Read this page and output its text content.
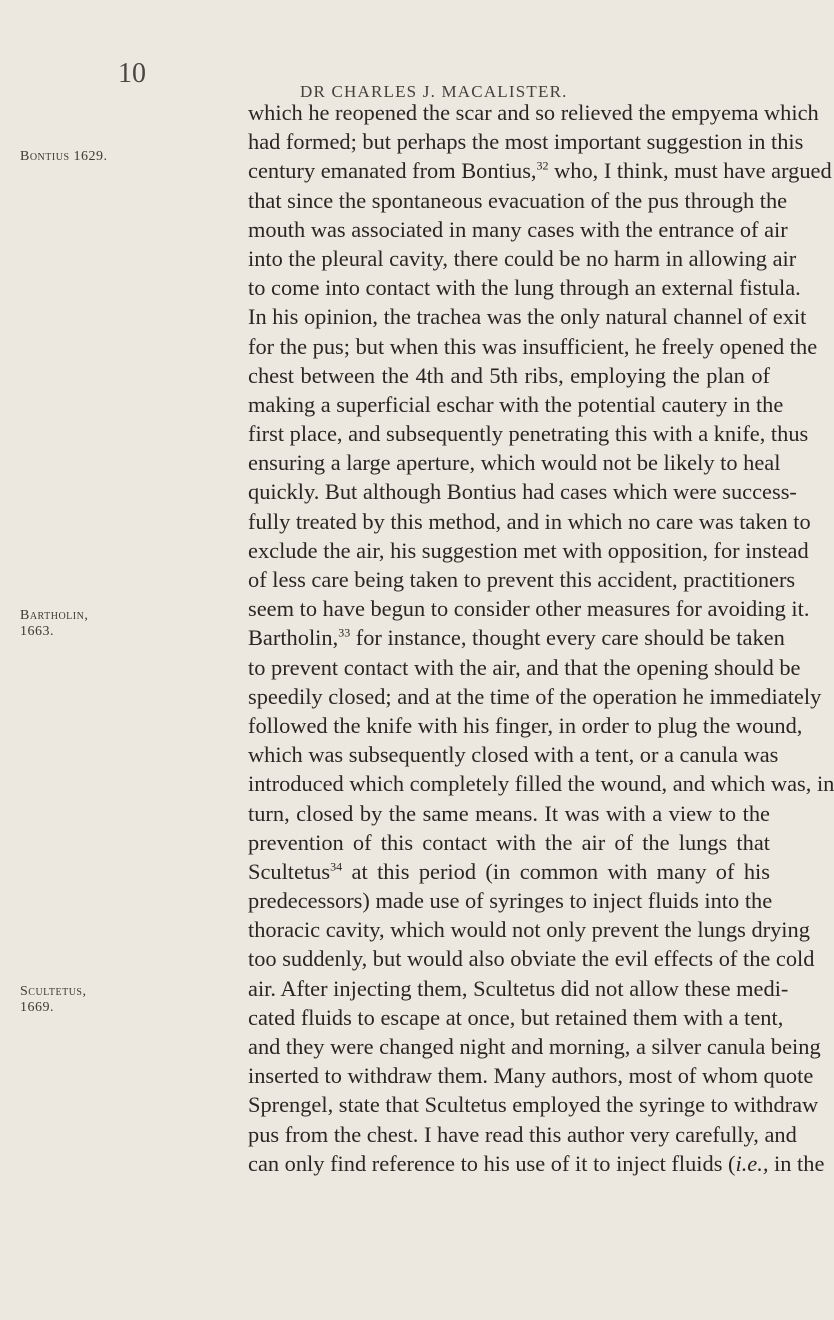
10
DR CHARLES J. MACALISTER.
Bontius 1629.
Bartholin,
1663.
Scultetus,
1669.
which he reopened the scar and so relieved the empyema which
had formed; but perhaps the most important suggestion in this
century emanated from Bontius,$^{32}$ who, I think, must have argued
that since the spontaneous evacuation of the pus through the
mouth was associated in many cases with the entrance of air
into the pleural cavity, there could be no harm in allowing air
to come into contact with the lung through an external fistula.
In his opinion, the trachea was the only natural channel of exit
for the pus; but when this was insufficient, he freely opened the
chest between the 4th and 5th ribs, employing the plan of
making a superficial eschar with the potential cautery in the
first place, and subsequently penetrating this with a knife, thus
ensuring a large aperture, which would not be likely to heal
quickly. But although Bontius had cases which were success-
fully treated by this method, and in which no care was taken to
exclude the air, his suggestion met with opposition, for instead
of less care being taken to prevent this accident, practitioners
seem to have begun to consider other measures for avoiding it.
Bartholin,$^{33}$ for instance, thought every care should be taken
to prevent contact with the air, and that the opening should be
speedily closed; and at the time of the operation he immediately
followed the knife with his finger, in order to plug the wound,
which was subsequently closed with a tent, or a canula was
introduced which completely filled the wound, and which was, in
turn, closed by the same means. It was with a view to the
prevention of this contact with the air of the lungs that
Scultetus$^{34}$ at this period (in common with many of his
predecessors) made use of syringes to inject fluids into the
thoracic cavity, which would not only prevent the lungs drying
too suddenly, but would also obviate the evil effects of the cold
air. After injecting them, Scultetus did not allow these medi-
cated fluids to escape at once, but retained them with a tent,
and they were changed night and morning, a silver canula being
inserted to withdraw them. Many authors, most of whom quote
Sprengel, state that Scultetus employed the syringe to withdraw
pus from the chest. I have read this author very carefully, and
can only find reference to his use of it to inject fluids (i.e., in the
